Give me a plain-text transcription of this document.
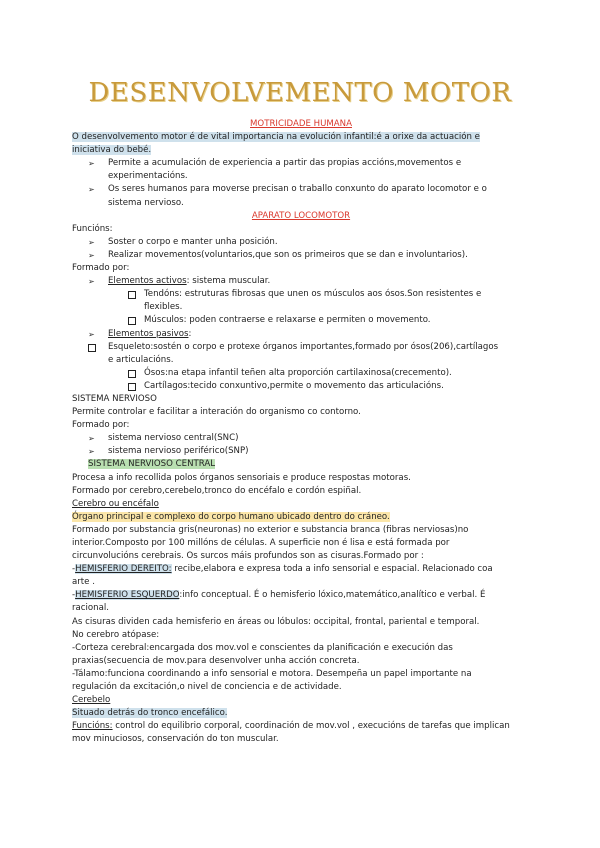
DESENVOLVEMENTO MOTOR
MOTRICIDADE HUMANA
O desenvolvemento motor é de vital importancia na evolución infantil:é a orixe da actuación e
iniciativa do bebé.
➢ Permite a acumulación de experiencia a partir das propias accións,movementos e
experimentacións.
➢ Os seres humanos para moverse precisan o traballo conxunto do aparato locomotor e o
sistema nervioso.
APARATO LOCOMOTOR
Funcións:
➢ Soster o corpo e manter unha posición.
➢ Realizar movementos(voluntarios,que son os primeiros que se dan e involuntarios).
Formado por:
➢ Elementos activos: sistema muscular.
Tendóns: estruturas fibrosas que unen os músculos aos ósos.Son resistentes e
flexibles.
Músculos: poden contraerse e relaxarse e permiten o movemento.
➢ Elementos pasivos:
Esqueleto:sostén o corpo e protexe órganos importantes,formado por ósos(206),cartílagos
e articulacións.
Ósos:na etapa infantil teñen alta proporción cartilaxinosa(crecemento).
Cartílagos:tecido conxuntivo,permite o movemento das articulacións.
SISTEMA NERVIOSO
Permite controlar e facilitar a interación do organismo co contorno.
Formado por:
➢ sistema nervioso central(SNC)
➢ sistema nervioso periférico(SNP)
SISTEMA NERVIOSO CENTRAL
Procesa a info recollida polos órganos sensoriais e produce respostas motoras.
Formado por cerebro,cerebelo,tronco do encéfalo e cordón espiñal.
Cerebro ou encéfalo
Órgano principal e complexo do corpo humano ubicado dentro do cráneo.
Formado por substancia gris(neuronas) no exterior e substancia branca (fibras nerviosas)no
interior.Composto por 100 millóns de células. A superficie non é lisa e está formada por
circunvolucións cerebrais. Os surcos máis profundos son as cisuras.Formado por :
-HEMISFERIO DEREITO: recibe,elabora e expresa toda a info sensorial e espacial. Relacionado coa
arte .
-HEMISFERIO ESQUERDO:info conceptual. É o hemisferio lóxico,matemático,analítico e verbal. É
racional.
As cisuras dividen cada hemisferio en áreas ou lóbulos: occipital, frontal, pariental e temporal.
No cerebro atópase:
-Corteza cerebral:encargada dos mov.vol e conscientes da planificación e execución das
praxias(secuencia de mov.para desenvolver unha acción concreta.
-Tálamo:funciona coordinando a info sensorial e motora. Desempeña un papel importante na
regulación da excitación,o nivel de conciencia e de actividade.
Cerebelo
Situado detrás do tronco encefálico.
Funcións: control do equilibrio corporal, coordinación de mov.vol , execucións de tarefas que implican
mov minuciosos, conservación do ton muscular.
